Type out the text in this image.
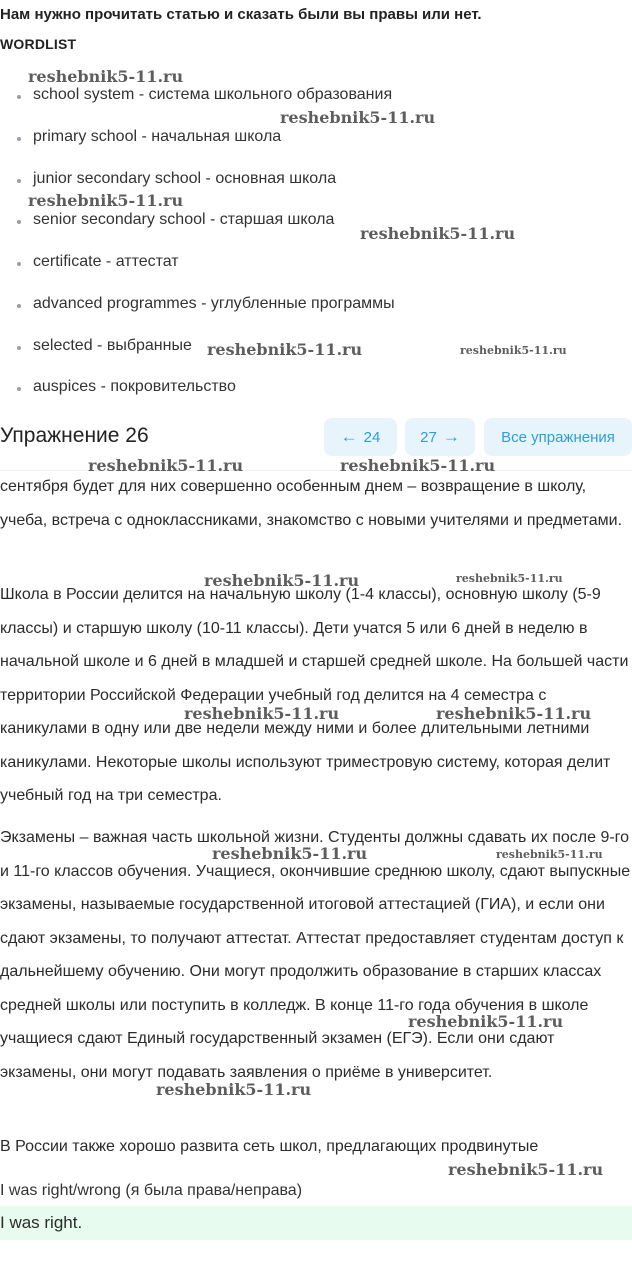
Нам нужно прочитать статью и сказать были вы правы или нет.
WORDLIST
school system - система школьного образования
primary school - начальная школа
junior secondary school - основная школа
senior secondary school - старшая школа
certificate - аттестат
advanced programmes - углубленные программы
selected - выбранные
auspices - покровительство
Упражнение 26	← 24	27 →	Все упражнения

сентября будет для них совершенно особенным днем – возвращение в школу, учеба, встреча с одноклассниками, знакомство с новыми учителями и предметами.

Школа в России делится на начальную школу (1-4 классы), основную школу (5-9 классы) и старшую школу (10-11 классы). Дети учатся 5 или 6 дней в неделю в начальной школе и 6 дней в младшей и старшей средней школе. На большей части территории Российской Федерации учебный год делится на 4 семестра с каникулами в одну или две недели между ними и более длительными летними каникулами. Некоторые школы используют триместровую систему, которая делит учебный год на три семестра.

Экзамены – важная часть школьной жизни. Студенты должны сдавать их после 9-го и 11-го классов обучения. Учащиеся, окончившие среднюю школу, сдают выпускные экзамены, называемые государственной итоговой аттестацией (ГИА), и если они сдают экзамены, то получают аттестат. Аттестат предоставляет студентам доступ к дальнейшему обучению. Они могут продолжить образование в старших классах средней школы или поступить в колледж. В конце 11-го года обучения в школе учащиеся сдают Единый государственный экзамен (ЕГЭ). Если они сдают экзамены, они могут подавать заявления о приёме в университет.

В России также хорошо развита сеть школ, предлагающих продвинутые

I was right/wrong (я была права/неправа)
I was right.
reshebnik5-11.ru
reshebnik5-11.ru
reshebnik5-11.ru
reshebnik5-11.ru
reshebnik5-11.ru	reshebnik5-11.ru
reshebnik5-11.ru	reshebnik5-11.ru
reshebnik5-11.ru	reshebnik5-11.ru
reshebnik5-11.ru	reshebnik5-11.ru
reshebnik5-11.ru	reshebnik5-11.ru
reshebnik5-11.ru
reshebnik5-11.ru
reshebnik5-11.ru
